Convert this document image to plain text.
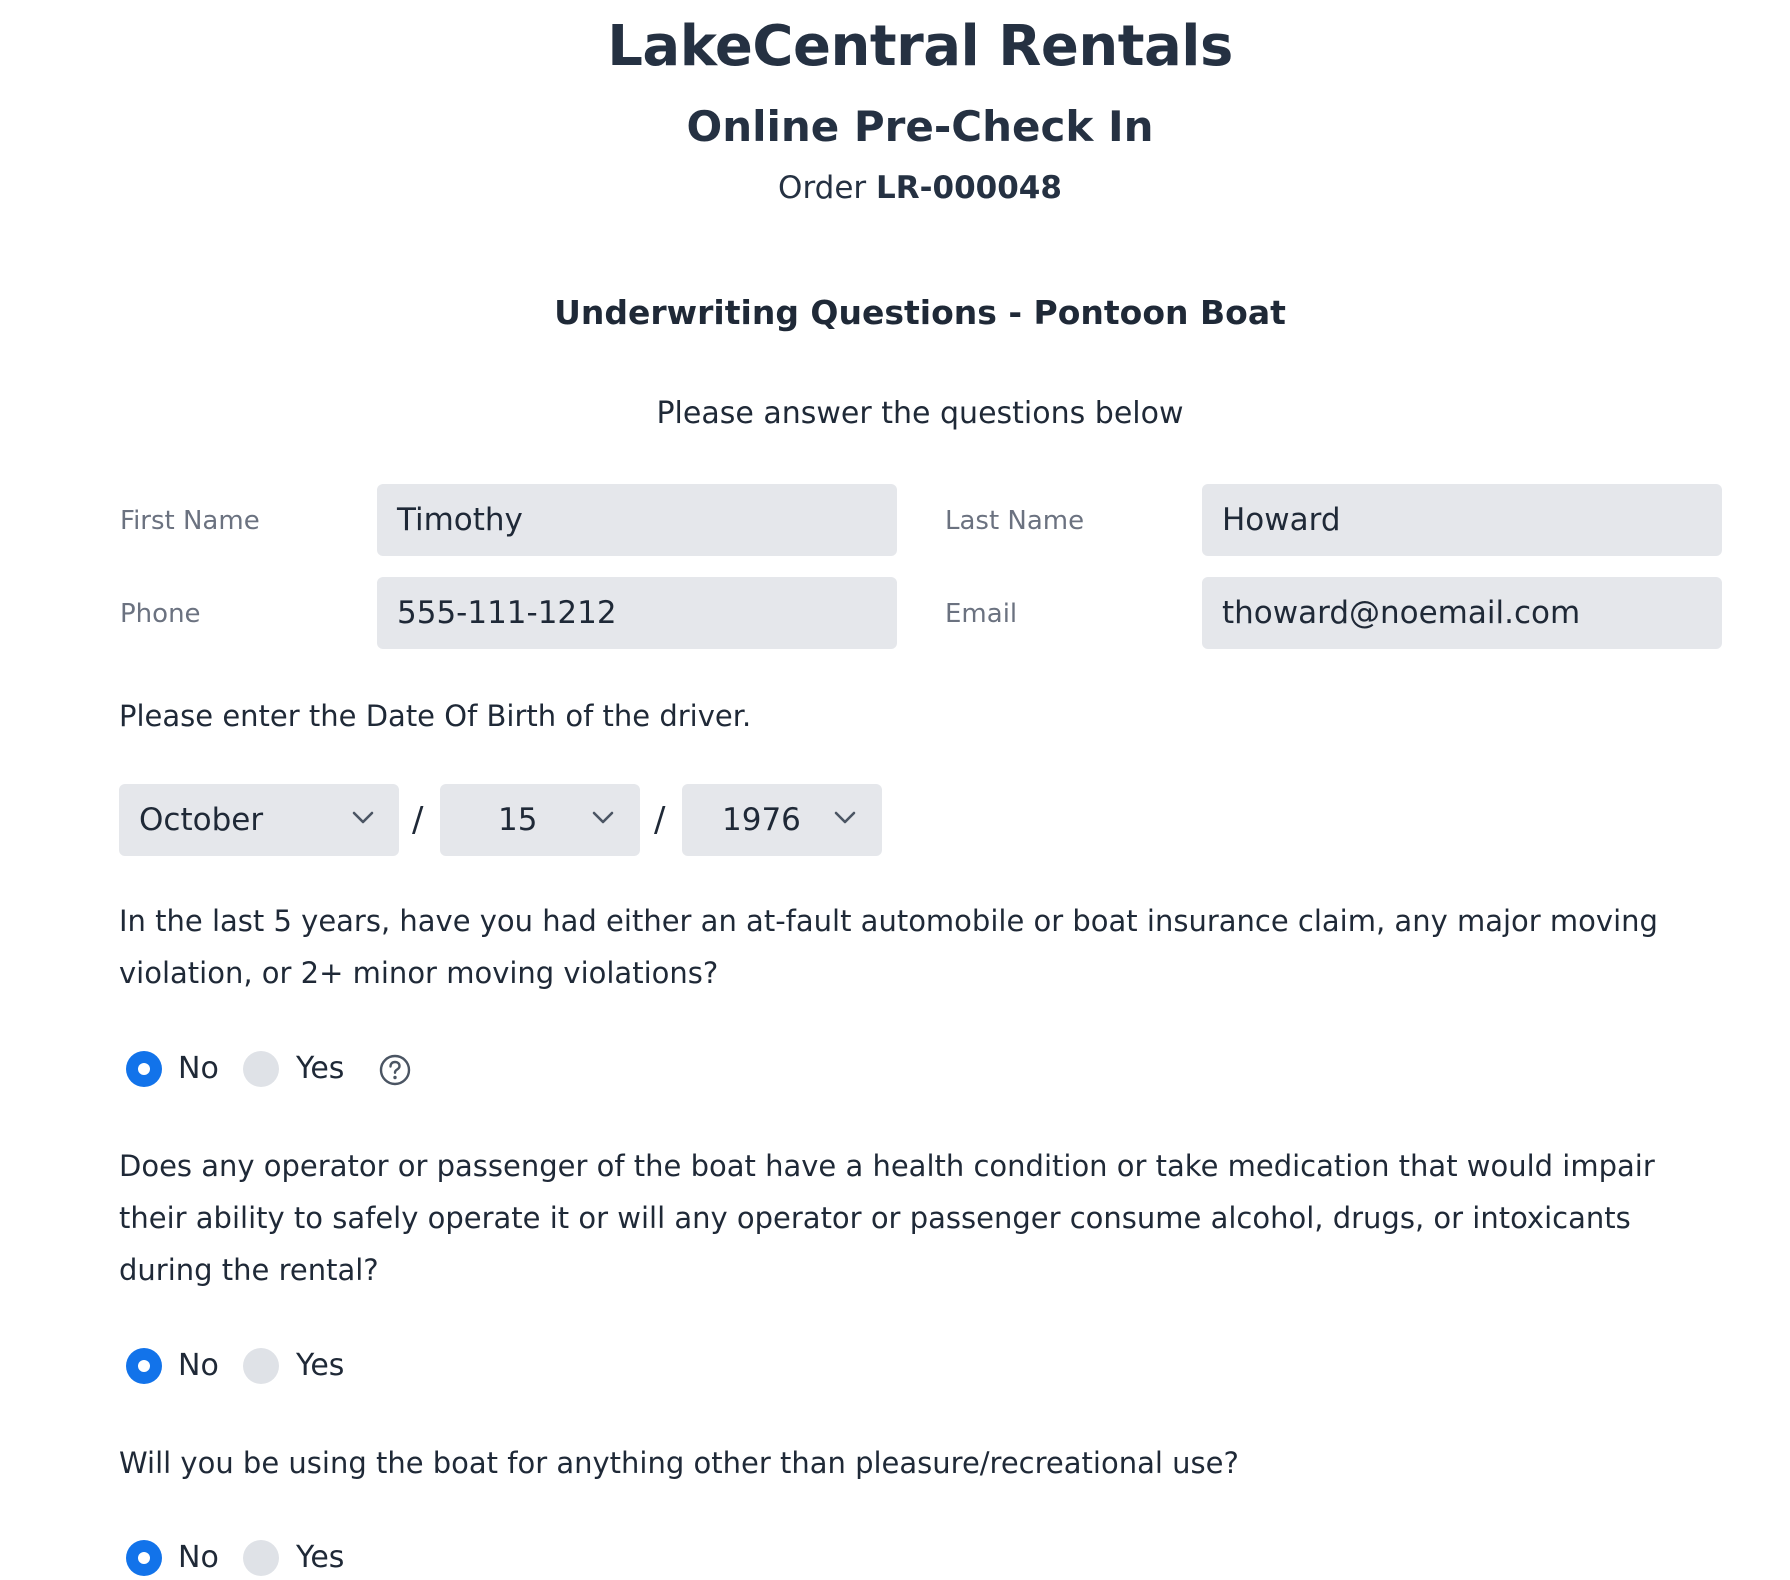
LakeCentral Rentals
Online Pre-Check In
Order LR-000048
Underwriting Questions - Pontoon Boat
Please answer the questions below
First Name	Timothy	Last Name	Howard
Phone	555-111-1212	Email	thoward@noemail.com
Please enter the Date Of Birth of the driver.
October	/ 15	/ 1976
In the last 5 years, have you had either an at-fault automobile or boat insurance claim, any major moving violation, or 2+ minor moving violations?
No	Yes
Does any operator or passenger of the boat have a health condition or take medication that would impair their ability to safely operate it or will any operator or passenger consume alcohol, drugs, or intoxicants during the rental?
No	Yes
Will you be using the boat for anything other than pleasure/recreational use?
No	Yes
